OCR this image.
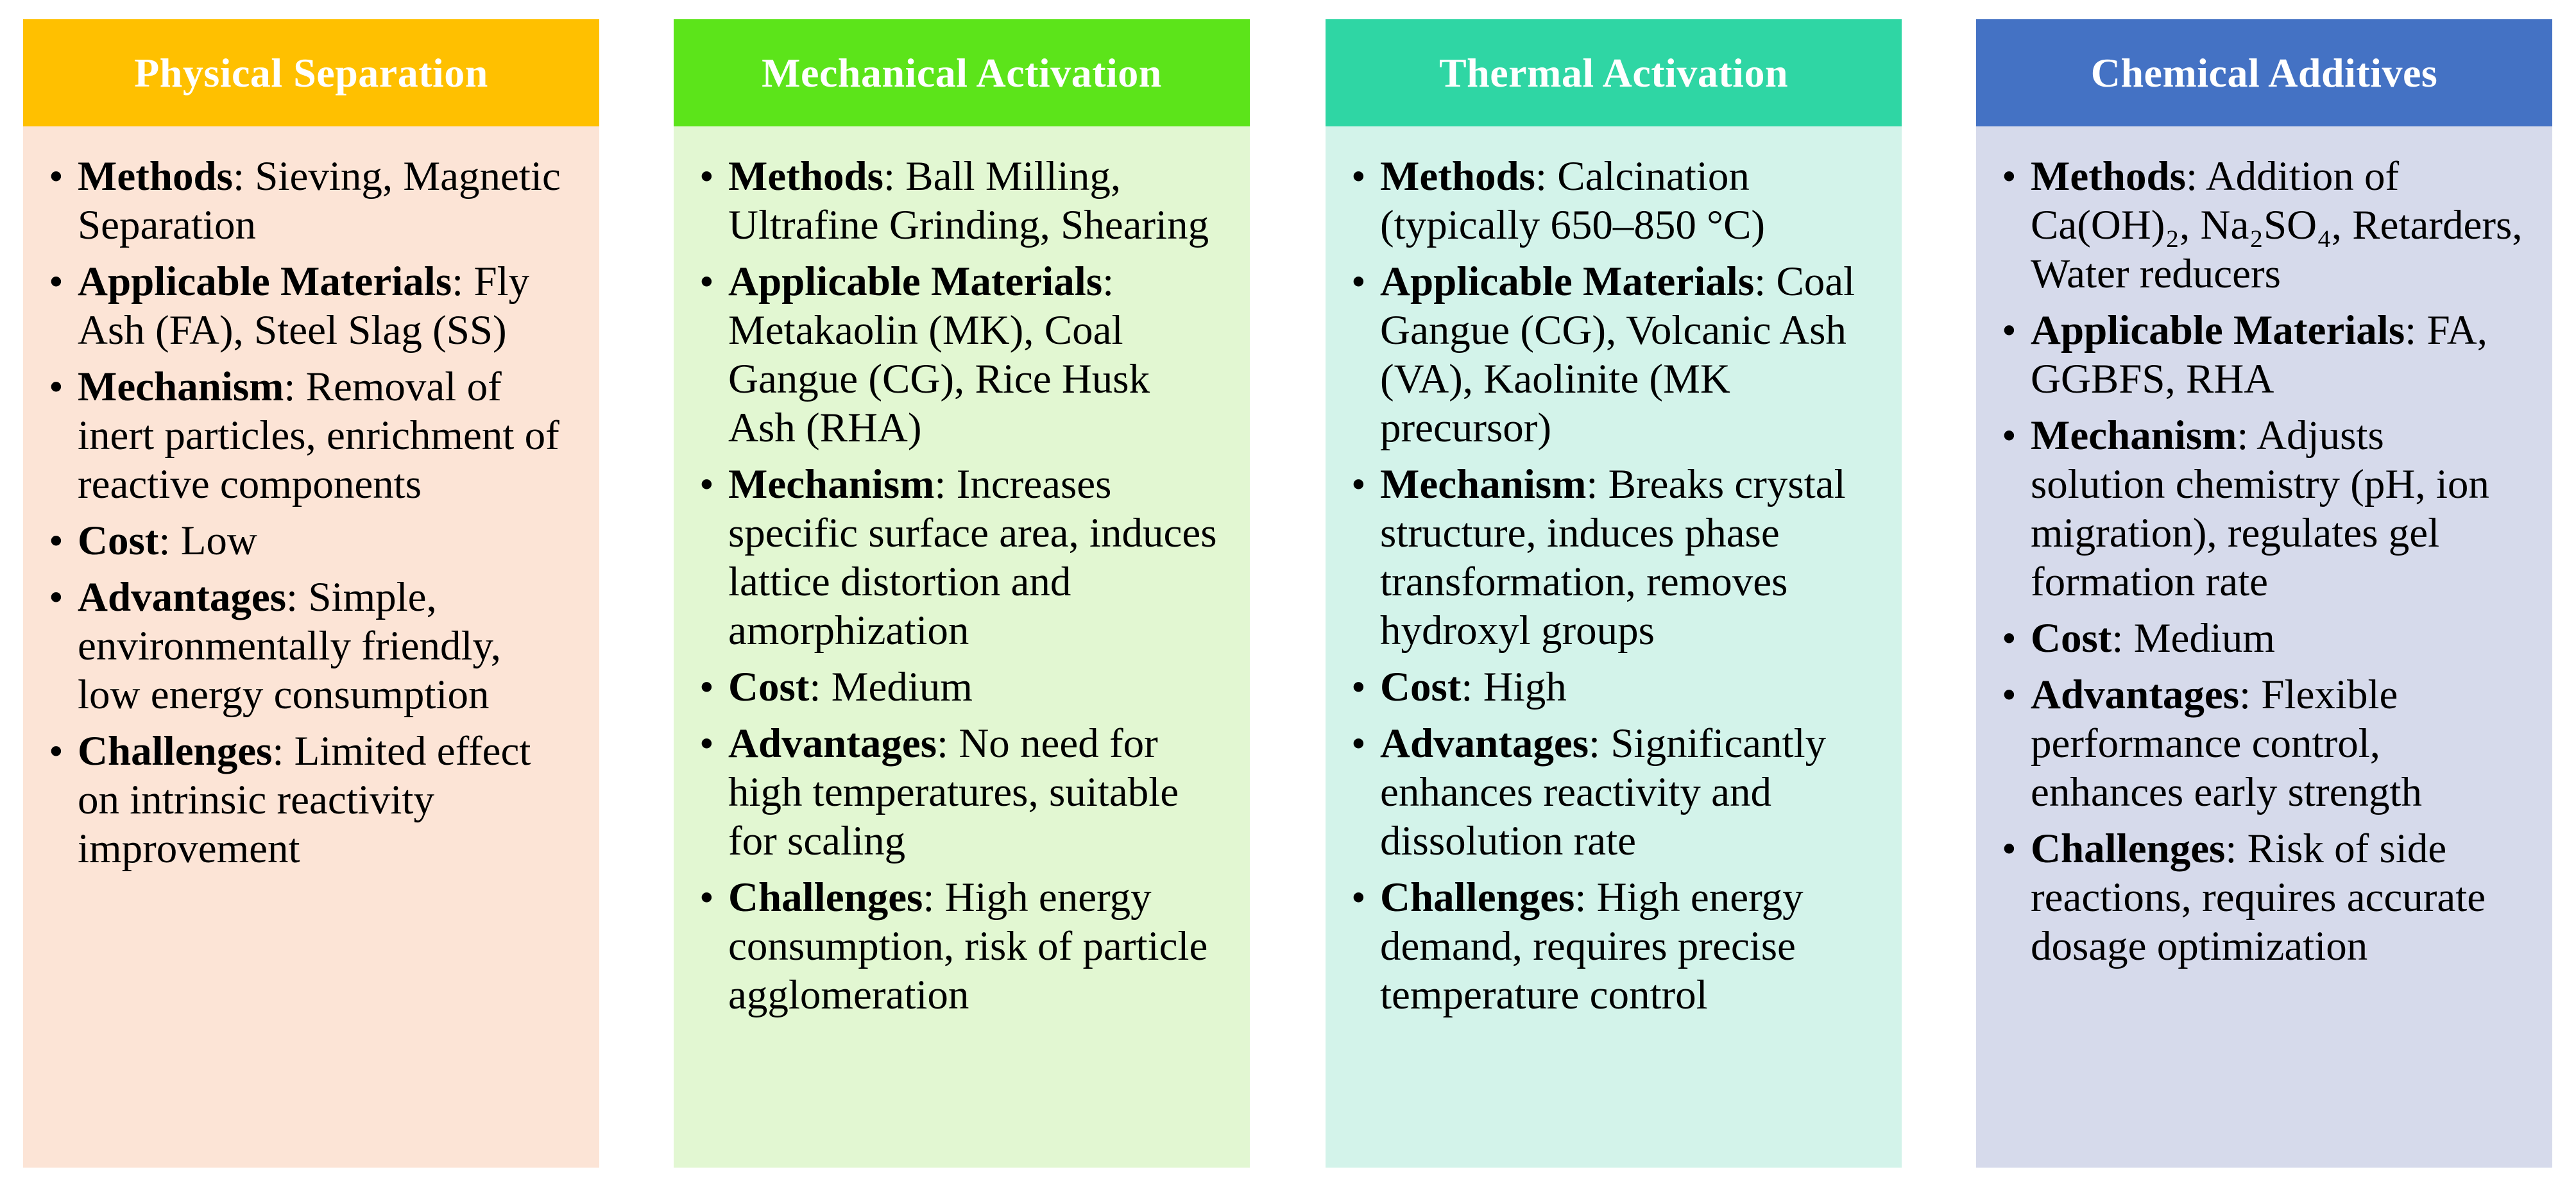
Physical Separation
• Methods: Sieving, Magnetic Separation
• Applicable Materials: Fly Ash (FA), Steel Slag (SS)
• Mechanism: Removal of inert particles, enrichment of reactive components
• Cost: Low
• Advantages: Simple, environmentally friendly, low energy consumption
• Challenges: Limited effect on intrinsic reactivity improvement
Mechanical Activation
• Methods: Ball Milling, Ultrafine Grinding, Shearing
• Applicable Materials: Metakaolin (MK), Coal Gangue (CG), Rice Husk Ash (RHA)
• Mechanism: Increases specific surface area, induces lattice distortion and amorphization
• Cost: Medium
• Advantages: No need for high temperatures, suitable for scaling
• Challenges: High energy consumption, risk of particle agglomeration
Thermal Activation
• Methods: Calcination (typically 650–850 °C)
• Applicable Materials: Coal Gangue (CG), Volcanic Ash (VA), Kaolinite (MK precursor)
• Mechanism: Breaks crystal structure, induces phase transformation, removes hydroxyl groups
• Cost: High
• Advantages: Significantly enhances reactivity and dissolution rate
• Challenges: High energy demand, requires precise temperature control
Chemical Additives
• Methods: Addition of Ca(OH)₂, Na₂SO₄, Retarders, Water reducers
• Applicable Materials: FA, GGBFS, RHA
• Mechanism: Adjusts solution chemistry (pH, ion migration), regulates gel formation rate
• Cost: Medium
• Advantages: Flexible performance control, enhances early strength
• Challenges: Risk of side reactions, requires accurate dosage optimization
